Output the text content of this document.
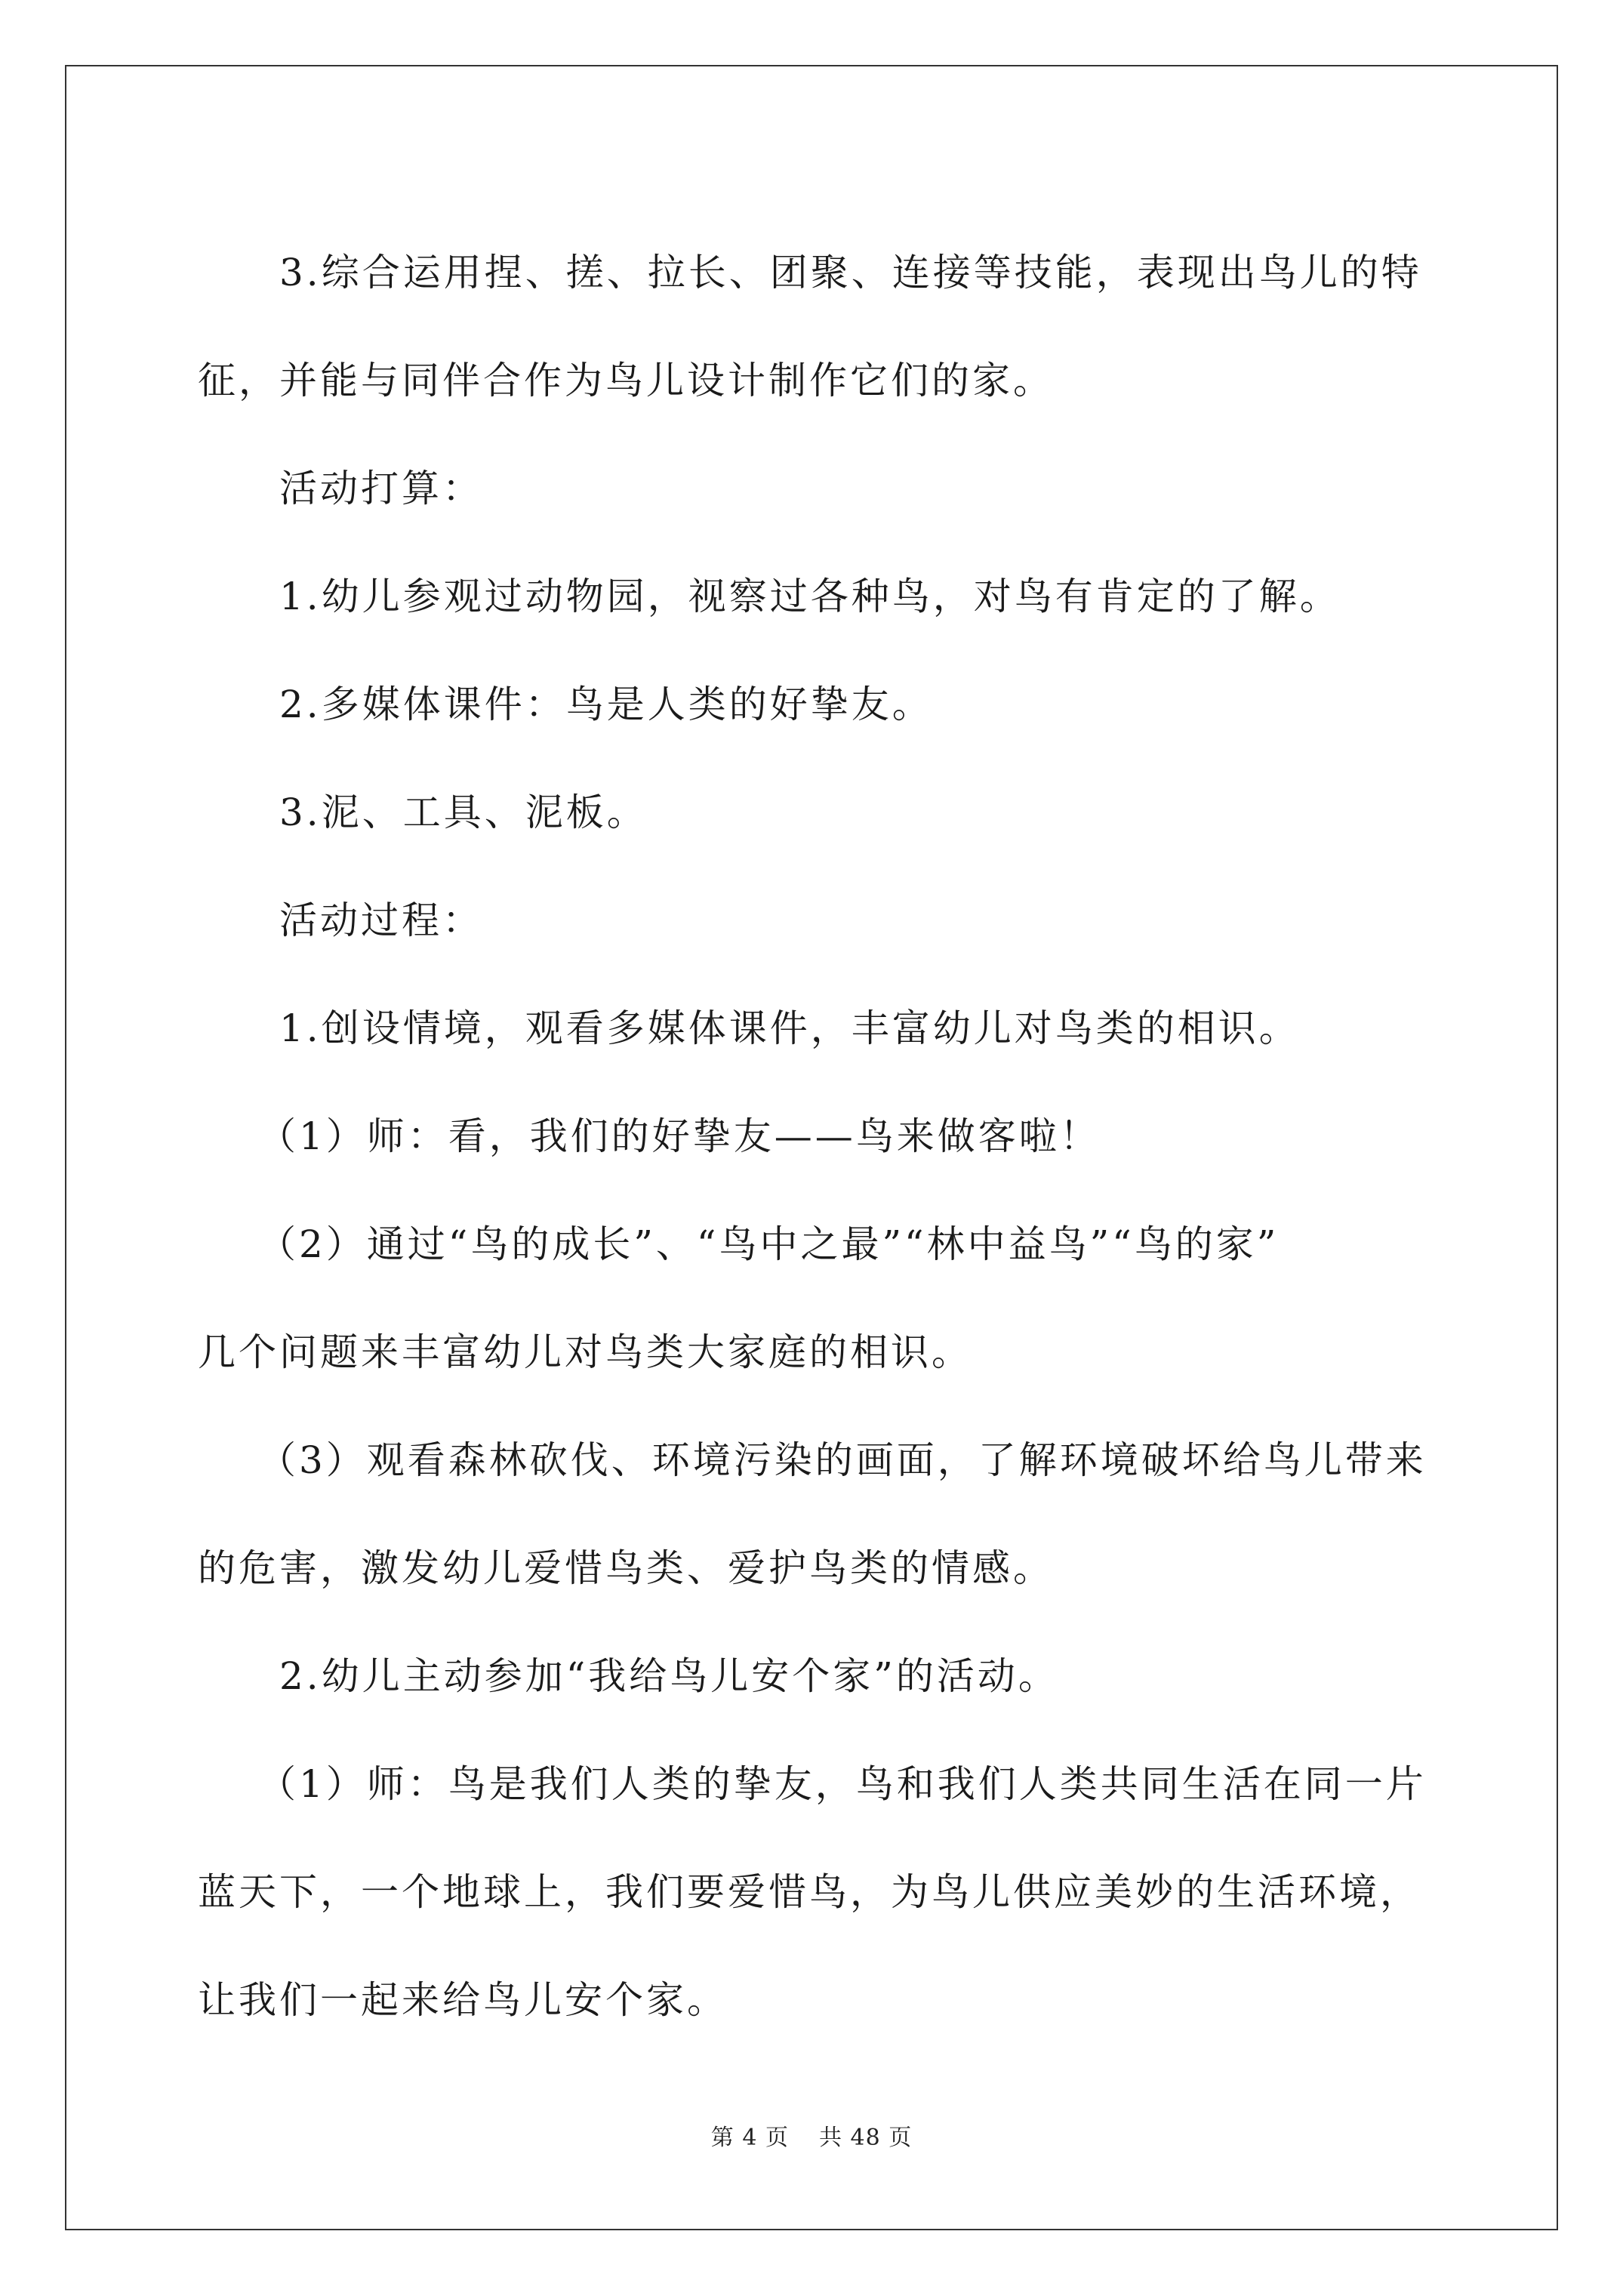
3.综合运用捏、搓、拉长、团聚、连接等技能，表现出鸟儿的特

征，并能与同伴合作为鸟儿设计制作它们的家。

活动打算：

1.幼儿参观过动物园，视察过各种鸟，对鸟有肯定的了解。

2.多媒体课件：鸟是人类的好挚友。

3.泥、工具、泥板。

活动过程：

1.创设情境，观看多媒体课件，丰富幼儿对鸟类的相识。

（1）师：看，我们的好挚友——鸟来做客啦！

（2）通过“鸟的成长”、“鸟中之最”“林中益鸟”“鸟的家”

几个问题来丰富幼儿对鸟类大家庭的相识。

（3）观看森林砍伐、环境污染的画面，了解环境破坏给鸟儿带来

的危害，激发幼儿爱惜鸟类、爱护鸟类的情感。

2.幼儿主动参加“我给鸟儿安个家”的活动。

（1）师：鸟是我们人类的挚友，鸟和我们人类共同生活在同一片

蓝天下，一个地球上，我们要爱惜鸟，为鸟儿供应美妙的生活环境，

让我们一起来给鸟儿安个家。

第 4 页 共 48 页
